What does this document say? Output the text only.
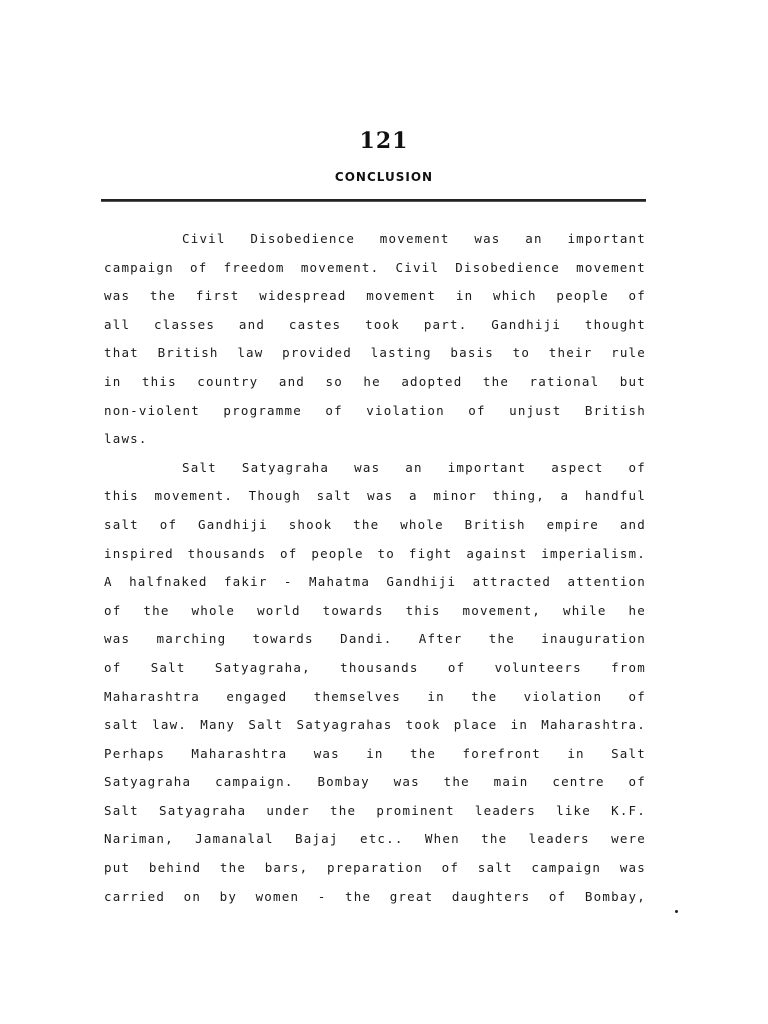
121
CONCLUSION
Civil Disobedience movement was an important
campaign of freedom movement. Civil Disobedience movement
was the first widespread movement in which people of
all classes and castes took part. Gandhiji thought
that British law provided lasting basis to their rule
in this country and so he adopted the rational but
non-violent programme of violation of unjust British
laws.
Salt Satyagraha was an important aspect of
this movement. Though salt was a minor thing, a handful
salt of Gandhiji shook the whole British empire and
inspired thousands of people to fight against imperialism.
A halfnaked fakir - Mahatma Gandhiji attracted attention
of the whole world towards this movement, while he
was marching towards Dandi. After the inauguration
of Salt Satyagraha, thousands of volunteers from
Maharashtra engaged themselves in the violation of
salt law. Many Salt Satyagrahas took place in Maharashtra.
Perhaps Maharashtra was in the forefront in Salt
Satyagraha campaign. Bombay was the main centre of
Salt Satyagraha under the prominent leaders like K.F.
Nariman, Jamanalal Bajaj etc.. When the leaders were
put behind the bars, preparation of salt campaign was
carried on by women - the great daughters of Bombay,
